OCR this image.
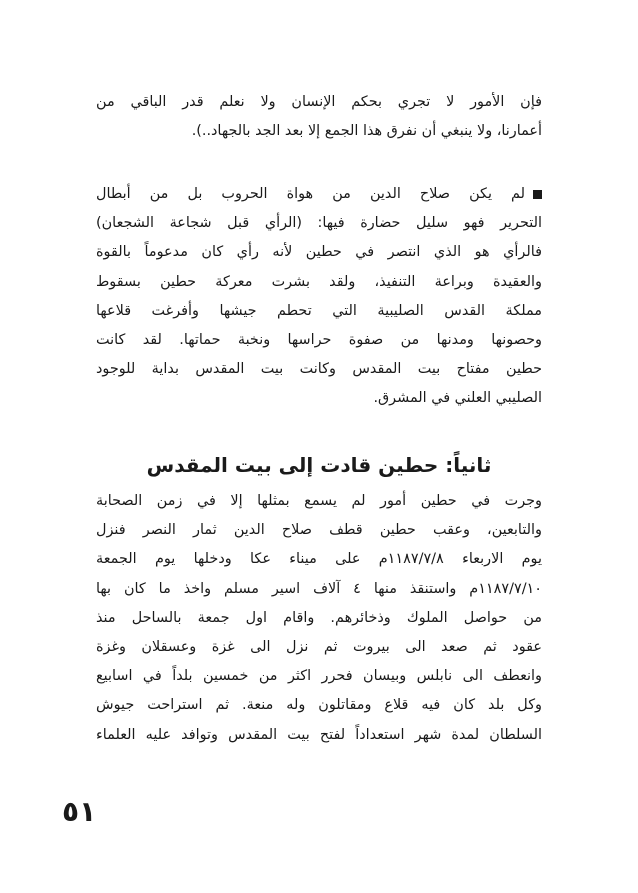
فإن الأمور لا تجري بحكم الإنسان ولا نعلم قدر الباقي من
أعمارنا، ولا ينبغي أن نفرق هذا الجمع إلا بعد الجد بالجهاد..).
لم يكن صلاح الدين من هواة الحروب بل من أبطال
التحرير فهو سليل حضارة فيها: (الرأي قبل شجاعة الشجعان)
فالرأي هو الذي انتصر في حطين لأنه رأي كان مدعوماً بالقوة
والعقيدة وبراعة التنفيذ، ولقد بشرت معركة حطين بسقوط
مملكة القدس الصليبية التي تحطم جيشها وأفرغت قلاعها
وحصونها ومدنها من صفوة حراسها ونخبة حماتها. لقد كانت
حطين مفتاح بيت المقدس وكانت بيت المقدس بداية للوجود
الصليبي العلني في المشرق.
ثانياً: حطين قادت إلى بيت المقدس
وجرت في حطين أمور لم يسمع بمثلها إلا في زمن الصحابة
والتابعين، وعقب حطين قطف صلاح الدين ثمار النصر فنزل
يوم الاربعاء ١١٨٧/٧/٨م على ميناء عكا ودخلها يوم الجمعة
١١٨٧/٧/١٠م واستنقذ منها ٤ آلاف اسير مسلم واخذ ما كان بها
من حواصل الملوك وذخائرهم. واقام اول جمعة بالساحل منذ
عقود ثم صعد الى بيروت ثم نزل الى غزة وعسقلان وغزة
وانعطف الى نابلس وبيسان فحرر اكثر من خمسين بلداً في اسابيع
وكل بلد كان فيه قلاع ومقاتلون وله منعة. ثم استراحت جيوش
السلطان لمدة شهر استعداداً لفتح بيت المقدس وتوافد عليه العلماء
٥١
